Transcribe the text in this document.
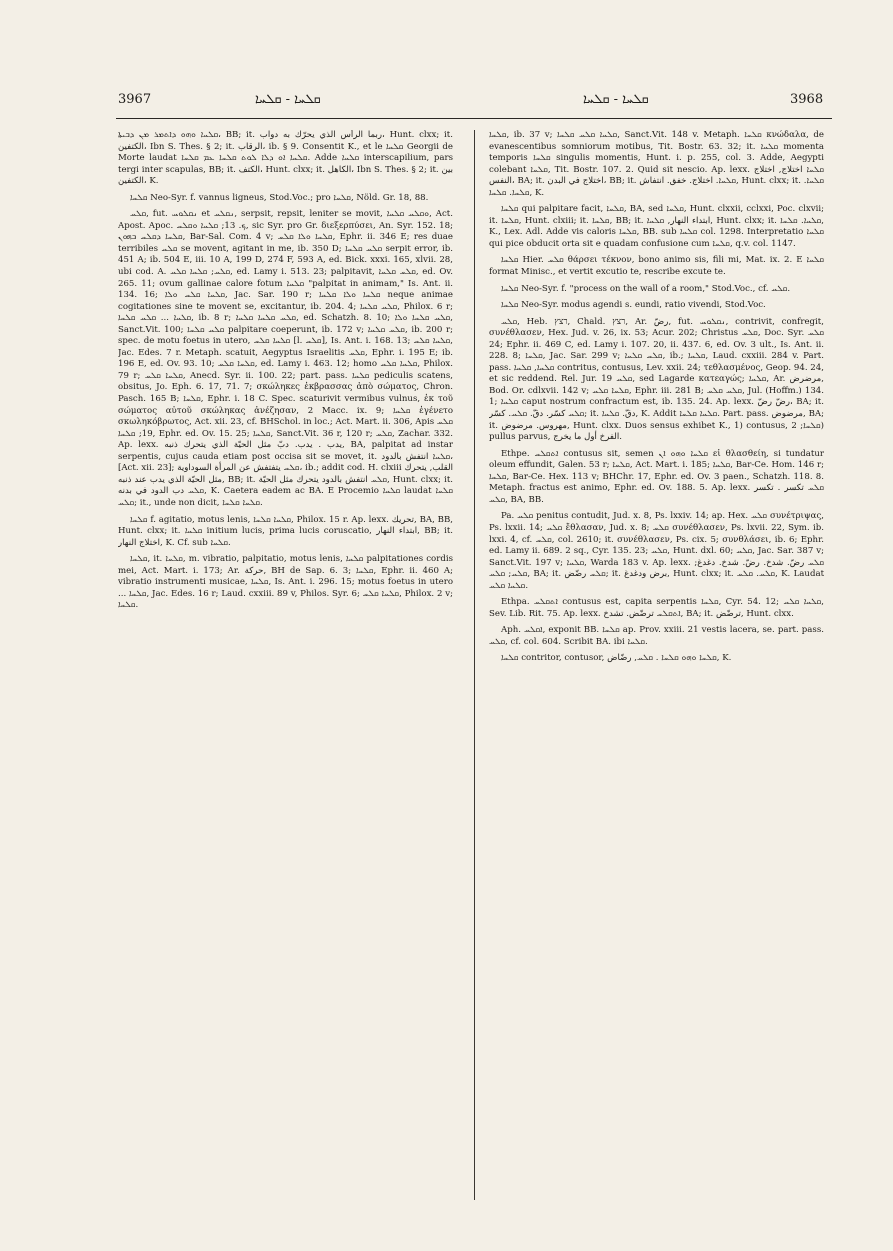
3967	ܩܠܚܐ - ܩܠܚܐ	ܩܠܚܐ - ܩܠܚܐ	3968

ܩܠܚܐ ܘܗܘ ܕܐܬܡܪ ܡܢ ܕܒܝܬܐ، BB; it. ربما الرأس الذي يحرّك به دواب، Hunt. clxx; it. الكتفين، Ibn S. Thes. § 2; it. الرقاب، ib. § 9. Consentit K., et le ܩܠܚܐ Georgii de Morte laudat ܩܠܚܐ ܐܘ ܕܠܐ ܠܘܬ ܩܠܚܐ ܥܡ ܩܠܚܐ. Adde ܩܠܚܐ interscapilium, pars tergi inter scapulas, BB; it. الكتف، Hunt. clxx; it. الكاهل، Ibn S. Thes. § 2; it. بين الكتفين، K.

ܩܠܚܐ Neo-Syr. f. vannus ligneus, Stod.Voc.; pro ܩܠܚܐ, Nöld. Gr. 18, 88.

ܩܠܚ, fut. ܢܩܠܘܚ et ܢܩܠܚ, serpsit, repsit, leniter se movit, ܘܩܠܚ ܩܠܚܐ, Act. Apost. Apoc. ܟ. 13; ܩܠܚܐ ܘܩܠܚ, sic Syr. pro Gr. διεξερπύσει, An. Syr. 152. 18; ܩܠܚܐ ܕܩܠܚ ܒܗܘܢ, Bar-Sal. Com. 4 v; ܩܠܚܐ ܘܠܐ ܩܠܚ, Ephr. ii. 346 E; res duae terribiles ܩܠܚ se movent, agitant in me, ib. 350 D; ܩܠܚ ܩܠܚܐ serpit error, ib. 451 A; ib. 504 E, iii. 10 A, 199 D, 274 F, 593 A, ed. Bick. xxxi. 165, xlvii. 28, ubi cod. A. ܩܠܚ; ܩܠܚܐ ܩܠܚ, ed. Lamy i. 513. 23; palpitavit, ܩܠܚ ܩܠܚܐ, ed. Ov. 265. 11; ovum gallinae calore fotum ܩܠܚܐ "palpitat in animam," Is. Ant. ii. 134. 16; ܩܠܚܐ ܩܠܚ ܘܠܐ, Jac. Sar. 190 r; ܩܠܚܐ ܘܠܐ ܩܠܚܐ neque animae cogitationes sine te movent se, excitantur, ib. 204. 4; ܩܠܚ ܩܠܚܐ, Philox. 6 r; ܩܠܚܐ ... ܩܠܚ ܩܠܚܐ, ib. 8 r; ܩܠܚ ܩܠܚܐ ܩܠܚܐ, ed. Schatzh. 8. 10; ܩܠܚ ܩܠܚܐ ܘܠܐ, Sanct.Vit. 100; ܩܠܚ ܩܠܚܐ palpitare coeperunt, ib. 172 v; ܩܠܚ ܩܠܚܐ, ib. 200 r; spec. de motu foetus in utero, ܩܠܚܐ ܩܠܚ [l. ܩܠܚ], Is. Ant. i. 168. 13; ܩܠܚܐ ܩܠܚ, Jac. Edes. 7 r. Metaph. scatuit, Aegyptus Israelitis ܩܠܚ, Ephr. i. 195 E; ib. 196 E, ed. Ov. 93. 10; ܩܠܚܐ ܩܠܚ, ed. Lamy i. 463. 12; homo ܩܠܚܐ ܩܠܚ, Philox. 79 r; ܩܠܚܐ ܩܠܚ, Anecd. Syr. ii. 100. 22; part. pass. ܩܠܚܐ pediculis scatens, obsitus, Jo. Eph. 6. 17, 71. 7; σκώληκες ἐκβρασσας ἀπὸ σώματος, Chron. Pasch. 165 B; ܩܠܚܐ, Ephr. i. 18 C. Spec. scaturivit vermibus vulnus, ἐκ τοῦ σώματος αὐτοῦ σκώληκας ἀνέζησαν, 2 Macc. ix. 9; ܩܠܚܐ ἐγένετο σκωληκόβρωτος, Act. xii. 23, cf. BHSchol. in loc.; Act. Mart. ii. 306, Apis ܩܠܚ 19; ܩܠܚܐ, Ephr. ed. Ov. 15. 25; ܩܠܚܐ, Sanct.Vit. 36 r, 120 r; ܩܠܚ, Zachar. 332. Ap. lexx. يدب . يدب. دبّ مثل الحيّة الذي يتحرك ذنبه, BA, palpitat ad instar serpentis, cujus cauda etiam post occisa sit se movet, it. ܩܠܚܐ انتفش بالدود، [Act. xii. 23]; ܩܠܚ يتفتفش عن المرأة السوداوية، ib.; addit cod. H. clxiii القلب, يتحرك مثل الحيّة الذي يدب عند ذنبه, BB; it. ܩܠܚ انتفش بالدود يتحرك مثل الحيّة, Hunt. clxx; it. ܩܠܚ دب الدود في بدنه, K. Caetera eadem ac BA. E Procemio ܩܠܚܐ laudat ܩܠܚܐ ܩܠܚ; it., unde non dicit, ܩܠܚܐ ܩܠܚܐ.

ܩܠܚܐ f. agitatio, motus lenis, ܩܠܚܐ ܩܠܚܐ, Philox. 15 r. Ap. lexx. تحريك, BA, BB, Hunt. clxx; it. ܩܠܚܐ initium lucis, prima lucis coruscatio, ابتداء النهار, BB; it. اختلاج النهار, K. Cf. sub ܩܠܚܐ.

ܩܠܚܐ, it. ܩܠܚܐ, m. vibratio, palpitatio, motus lenis, ܩܠܚܐ palpitationes cordis mei, Act. Mart. i. 173; Ar. حركة, BH de Sap. 6. 3; ܩܠܚܐ, Ephr. ii. 460 A; vibratio instrumenti musicae, ܩܠܚܐ, Is. Ant. i. 296. 15; motus foetus in utero ... ܩܠܚܐ, Jac. Edes. 16 r; Laud. cxxiii. 89 v, Philos. Syr. 6; ܩܠܚܐ ܩܠܚ, Philox. 2 v; ܩܠܚܐ.

ܩܠܚܐ, ib. 37 v; ܩܠܚܐ ܩܠܚ ܩܠܚܐ, Sanct.Vit. 148 v. Metaph. ܩܠܚܐ κνώδαλα, de evanescentibus somniorum motibus, Tit. Bostr. 63. 32; it. ܩܠܚܐ momenta temporis ܩܠܚܐ singulis momentis, Hunt. i. p. 255, col. 3. Adde, Aegypti colebant ܩܠܚܐ, Tit. Bostr. 107. 2. Quid sit nescio. Ap. lexx. ܩܠܚܐ اختلاج, اختلاج النفس، BA; it. اختلاج في البدن، BB; it. ܩܠܚܐ. اختلاج. خفق. انتفاش, Hunt. clxx; it. ܩܠܚܐ. ܩܠܚܐ. ܩܠܚܐ, K.

ܩܠܚܐ qui palpitare facit, ܩܠܚܐ, BA, sed ܩܠܚܐ, Hunt. clxxii, cclxxi, Poc. clxvii; it. ܩܠܚܐ, Hunt. clxiii; it. ܩܠܚܐ, BB; it. ابتداء النهار, ܩܠܚܐ, Hunt. clxx; it. ܩܠܚܐ. ܩܠܚܐ, K., Lex. Adl. Adde vis caloris ܩܠܚܐ, BB. sub ܩܠܚܐ col. 1298. Interpretatio ܩܠܚܐ qui pice obducit orta sit e quadam confusione cum ܩܠܚܐ, q.v. col. 1147.

ܩܠܚܐ Hier. ܩܠܚ θάρσει τέκνον, bono animo sis, fili mi, Mat. ix. 2. E ܩܠܚܐ format Minisc., et vertit excutio te, rescribe excute te.

ܩܠܚܐ Neo-Syr. f. "process on the wall of a room," Stod.Voc., cf. ܩܠܚ.

ܩܠܚܐ Neo-Syr. modus agendi s. eundi, ratio vivendi, Stod.Voc.

ܩܠܚ, Heb. רצץ, Chald. רצץ, Ar. رضّ, fut. ܢܩܠܘܚ, contrivit, confregit, συνέθλασεν, Hex. Jud. v. 26, ix. 53; Acur. 202; Christus ܩܠܚ, Doc. Syr. ܩܠܚ 24; Ephr. ii. 469 C, ed. Lamy i. 107. 20, ii. 437. 6, ed. Ov. 3 ult., Is. Ant. ii. 228. 8; ܩܠܚܐ, Jac. Sar. 299 v; ܩܠܚ ܩܠܚܐ, ib.; ܩܠܚܐ, Laud. cxxiii. 284 v. Part. pass. ܩܠܚܐ, ܩܠܚܐ contritus, contusus, Lev. xxii. 24; τεθλασμένος, Geop. 94. 24, et sic reddend. Rel. Jur. ܩܠܚ 19, sed Lagarde κατεαγώς; ܩܠܚܐ, Ar. مرضرض, Bod. Or. cdlxvii. 142 v; ܩܠܚܐ ܩܠܚ, Ephr. iii. 281 B; ܩܠܚ ܩܠܚ, Jul. (Hoffm.) 134. 1; ܩܠܚܐ caput nostrum confractum est, ib. 135. 24. Ap. lexx. رضّ رضّ، BA; it. ܩܠܚ كسّر. دقّ. ܩܠܚ. كسّر; it. دقّ. ܩܠܚܐ, K. Addit ܩܠܚܐ ܩܠܚܐ. Part. pass. مرضوض, BA; it. مهروس. مرضوض, Hunt. clxx. Duos sensus exhibet K., 1) contusus, ܩܠܚܐ; 2) pullus parvus, الفرخ أول ما يخرج.

Ethpe. ܐܬܩܠܚ contusus sit, semen ܩܠܚܐ ܘܗܘ ܐܢ εἰ θλασθείη, si tundatur oleum effundit, Galen. 53 r; ܩܠܚܐ, Act. Mart. i. 185; ܩܠܚܐ, Bar-Ce. Hom. 146 r; ܩܠܚܐ, Bar-Ce. Hex. 113 v; BHChr. 17, Ephr. ed. Ov. 3 paen., Schatzh. 118. 8. Metaph. fractus est animo, Ephr. ed. Ov. 188. 5. Ap. lexx. ܩܠܚ تكسر . تكسر ܩܠܚ, BA, BB.

Pa. ܩܠܚ penitus contudit, Jud. x. 8, Ps. lxxiv. 14; ap. Hex. ܩܠܚ συνέτριψας, Ps. lxxii. 14; ܩܠܚ ἔθλασαν, Jud. x. 8; ܩܠܚ συνέθλασεν, Ps. lxvii. 22, Sym. ib. lxxi. 4, cf. ܩܠܚ, col. 2610; it. συνέθλασεν, Ps. cix. 5; συνθλάσει, ib. 6; Ephr. ed. Lamy ii. 689. 2 sq., Cyr. 135. 23; ܩܠܚ, Hunt. dxl. 60; ܩܠܚ, Jac. Sar. 387 v; Sanct.Vit. 197 v; ܩܠܚܐ, Warda 183 v. Ap. lexx. ܩܠܚ رضّ. شدخ. رضّ. شدخ. دغدغ; ܩܠܚ; ܩܠܚ, BA; it. ܩܠܚ رضّض; it. برض ودغدغ, Hunt. clxx; it. ܩܠܚ. ܩܠܚ, K. Laudat ܩܠܚܐ ܩܠܚ.

Ethpa. ܐܬܩܠܚ contusus est, capita serpentis ܩܠܚܐ, Cyr. 54. 12; ܩܠܚܐ ܩܠܚ, Sev. Lib. Rit. 75. Ap. lexx. ܐܬܩܠܚ ترضّض. تشدخ, BA; it. ترضّض, Hunt. clxx.

Aph. ܐܩܠܚ, exponit BB. ܩܠܚܐ ap. Prov. xxiii. 21 vestis lacera, se. part. pass. ܩܠܚ, cf. col. 604. Scribit BA. ibi ܩܠܚܐ.

ܩܠܚܐ contritor, contusor, ܩܠܚܐ ܘܗܘ ܩܠܚܐ . ܩܠܚ, رضّاض, K.
